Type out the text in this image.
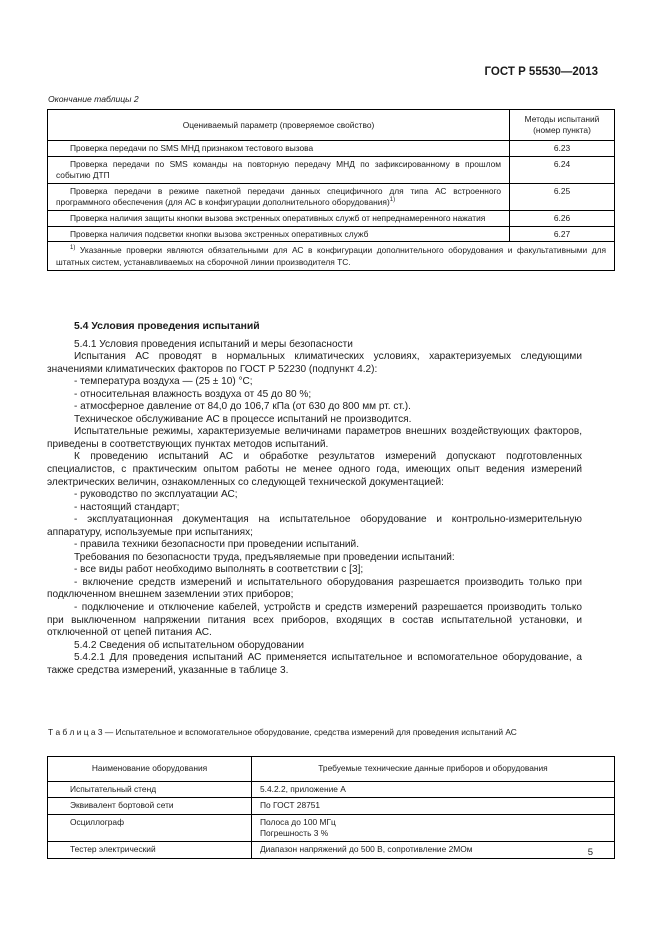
ГОСТ Р 55530—2013
Окончание таблицы 2
Оцениваемый параметр (проверяемое свойство)	Методы испытаний (номер пункта)
Проверка передачи по SMS МНД признаком тестового вызова	6.23
Проверка передачи по SMS команды на повторную передачу МНД по зафиксированному в прошлом событию ДТП	6.24
Проверка передачи в режиме пакетной передачи данных специфичного для типа АС встроенного программного обеспечения (для АС в конфигурации дополнительного оборудования)$^{1)}$	6.25
Проверка наличия защиты кнопки вызова экстренных оперативных служб от непреднамеренного нажатия	6.26
Проверка наличия подсветки кнопки вызова экстренных оперативных служб	6.27
$^{1)}$ Указанные проверки являются обязательными для АС в конфигурации дополнительного оборудования и факультативными для штатных систем, устанавливаемых на сборочной линии производителя ТС.	

5.4 Условия проведения испытаний

5.4.1 Условия проведения испытаний и меры безопасности

Испытания АС проводят в нормальных климатических условиях, характеризуемых следующими значениями климатических факторов по ГОСТ Р 52230 (подпункт 4.2):

- температура воздуха — (25 ± 10) °С;

- относительная влажность воздуха от 45 до 80 %;

- атмосферное давление от 84,0 до 106,7 кПа (от 630 до 800 мм рт. ст.).

Техническое обслуживание АС в процессе испытаний не производится.

Испытательные режимы, характеризуемые величинами параметров внешних воздействующих факторов, приведены в соответствующих пунктах методов испытаний.

К проведению испытаний АС и обработке результатов измерений допускают подготовленных специалистов, с практическим опытом работы не менее одного года, имеющих опыт ведения измерений электрических величин, ознакомленных со следующей технической документацией:

- руководство по эксплуатации АС;

- настоящий стандарт;

- эксплуатационная документация на испытательное оборудование и контрольно-измерительную аппаратуру, используемые при испытаниях;

- правила техники безопасности при проведении испытаний.

Требования по безопасности труда, предъявляемые при проведении испытаний:

- все виды работ необходимо выполнять в соответствии с [3];

- включение средств измерений и испытательного оборудования разрешается производить только при подключенном внешнем заземлении этих приборов;

- подключение и отключение кабелей, устройств и средств измерений разрешается производить только при выключенном напряжении питания всех приборов, входящих в состав испытательной установки, и отключенной от цепей питания АС.

5.4.2 Сведения об испытательном оборудовании

5.4.2.1 Для проведения испытаний АС применяется испытательное и вспомогательное оборудование, а также средства измерений, указанные в таблице 3.

Т а б л и ц а 3 — Испытательное и вспомогательное оборудование, средства измерений для проведения испытаний АС
Наименование оборудования	Требуемые технические данные приборов и оборудования
Испытательный стенд	5.4.2.2, приложение А
Эквивалент бортовой сети	По ГОСТ 28751
Осциллограф	Полоса до 100 МГц
Погрешность 3 %

Тестер электрический	Диапазон напряжений до 500 В, сопротивление 2МОм	5
